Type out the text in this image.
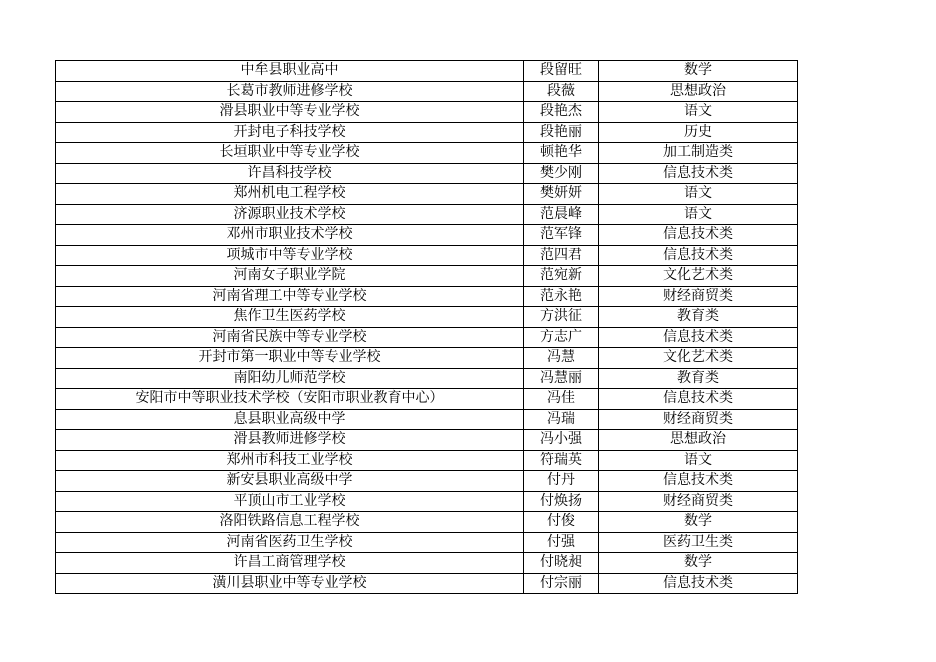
中牟县职业高中	段留旺	数学
长葛市教师进修学校	段薇	思想政治
滑县职业中等专业学校	段艳杰	语文
开封电子科技学校	段艳丽	历史
长垣职业中等专业学校	顿艳华	加工制造类
许昌科技学校	樊少刚	信息技术类
郑州机电工程学校	樊妍妍	语文
济源职业技术学校	范晨峰	语文
邓州市职业技术学校	范军锋	信息技术类
项城市中等专业学校	范四君	信息技术类
河南女子职业学院	范宛新	文化艺术类
河南省理工中等专业学校	范永艳	财经商贸类
焦作卫生医药学校	方洪征	教育类
河南省民族中等专业学校	方志广	信息技术类
开封市第一职业中等专业学校	冯慧	文化艺术类
南阳幼儿师范学校	冯慧丽	教育类
安阳市中等职业技术学校（安阳市职业教育中心）	冯佳	信息技术类
息县职业高级中学	冯瑞	财经商贸类
滑县教师进修学校	冯小强	思想政治
郑州市科技工业学校	符瑞英	语文
新安县职业高级中学	付丹	信息技术类
平顶山市工业学校	付焕扬	财经商贸类
洛阳铁路信息工程学校	付俊	数学
河南省医药卫生学校	付强	医药卫生类
许昌工商管理学校	付晓昶	数学
潢川县职业中等专业学校	付宗丽	信息技术类
